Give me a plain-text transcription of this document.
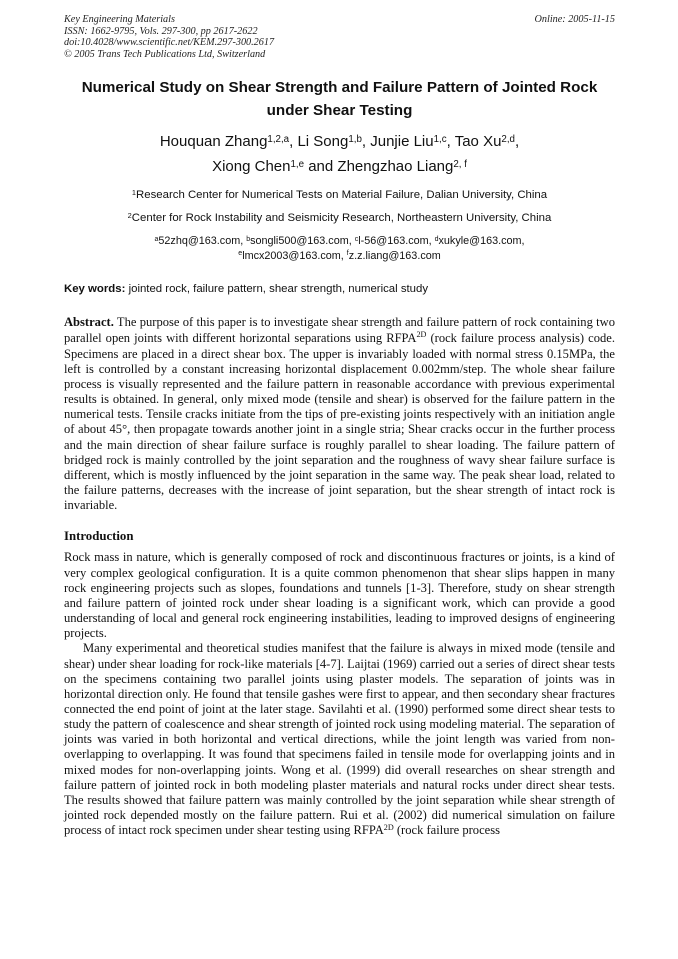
Key Engineering Materials	Online: 2005-11-15
ISSN: 1662-9795, Vols. 297-300, pp 2617-2622
doi:10.4028/www.scientific.net/KEM.297-300.2617
© 2005 Trans Tech Publications Ltd, Switzerland
Numerical Study on Shear Strength and Failure Pattern of Jointed Rock under Shear Testing
Houquan Zhang$^{1,2,a}$, Li Song$^{1,b}$, Junjie Liu$^{1,c}$, Tao Xu$^{2,d}$,
Xiong Chen$^{1,e}$ and Zhengzhao Liang$^{2, f}$
$^1$Research Center for Numerical Tests on Material Failure, Dalian University, China
$^2$Center for Rock Instability and Seismicity Research, Northeastern University, China
$^a$52zhq@163.com, $^b$songli500@163.com, $^c$l-56@163.com, $^d$xukyle@163.com,
$^e$lmcx2003@163.com, $^f$z.z.liang@163.com
Key words: jointed rock, failure pattern, shear strength, numerical study
Abstract. The purpose of this paper is to investigate shear strength and failure pattern of rock containing two parallel open joints with different horizontal separations using $RFPA^{2D}$ (rock failure process analysis) code. Specimens are placed in a direct shear box. The upper is invariably loaded with normal stress 0.15MPa, the left is controlled by a constant increasing horizontal displacement 0.002mm/step. The whole shear failure process is visually represented and the failure pattern in reasonable accordance with previous experimental results is obtained. In general, only mixed mode (tensile and shear) is observed for the failure pattern in the numerical tests. Tensile cracks initiate from the tips of pre-existing joints respectively with an initiation angle of about 45°, then propagate towards another joint in a single stria; Shear cracks occur in the further process and the main direction of shear failure surface is roughly parallel to shear loading. The failure pattern of bridged rock is mainly controlled by the joint separation and the roughness of wavy shear failure surface is different, which is mostly influenced by the joint separation in the same way. The peak shear load, related to the failure patterns, decreases with the increase of joint separation, but the shear strength of intact rock is invariable.
Introduction
Rock mass in nature, which is generally composed of rock and discontinuous fractures or joints, is a kind of very complex geological configuration. It is a quite common phenomenon that shear slips happen in many rock engineering projects such as slopes, foundations and tunnels [1-3]. Therefore, study on shear strength and failure pattern of jointed rock under shear loading is a significant work, which can provide a good understanding of local and general rock engineering instabilities, leading to improved designs of engineering projects.
Many experimental and theoretical studies manifest that the failure is always in mixed mode (tensile and shear) under shear loading for rock-like materials [4-7]. Laijtai (1969) carried out a series of direct shear tests on the specimens containing two parallel joints using plaster models. The separation of joints was in horizontal direction only. He found that tensile gashes were first to appear, and then secondary shear fractures connected the end point of joint at the later stage. Savilahti et al. (1990) performed some direct shear tests to study the pattern of coalescence and shear strength of jointed rock using modeling material. The separation of joints was varied in both horizontal and vertical directions, while the joint length was varied from non-overlapping to overlapping. It was found that specimens failed in tensile mode for overlapping joints and in mixed modes for non-overlapping joints. Wong et al. (1999) did overall researches on shear strength and failure pattern of jointed rock in both modeling plaster materials and natural rocks under direct shear tests. The results showed that failure pattern was mainly controlled by the joint separation while shear strength of jointed rock depended mostly on the failure pattern. Rui et al. (2002) did numerical simulation on failure process of intact rock specimen under shear testing using $RFPA^{2D}$ (rock failure process
